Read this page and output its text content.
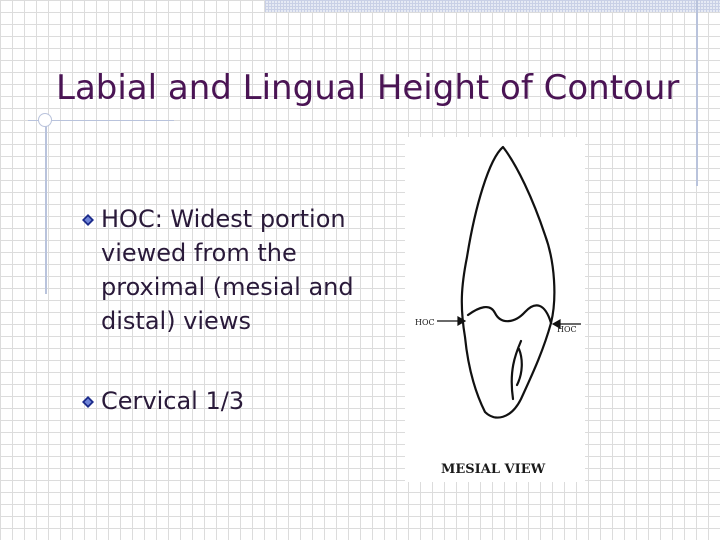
Labial and Lingual Height of Contour
HOC: Widest portion viewed from the proximal (mesial and distal) views
Cervical 1/3
HOC
HOC
MESIAL VIEW
